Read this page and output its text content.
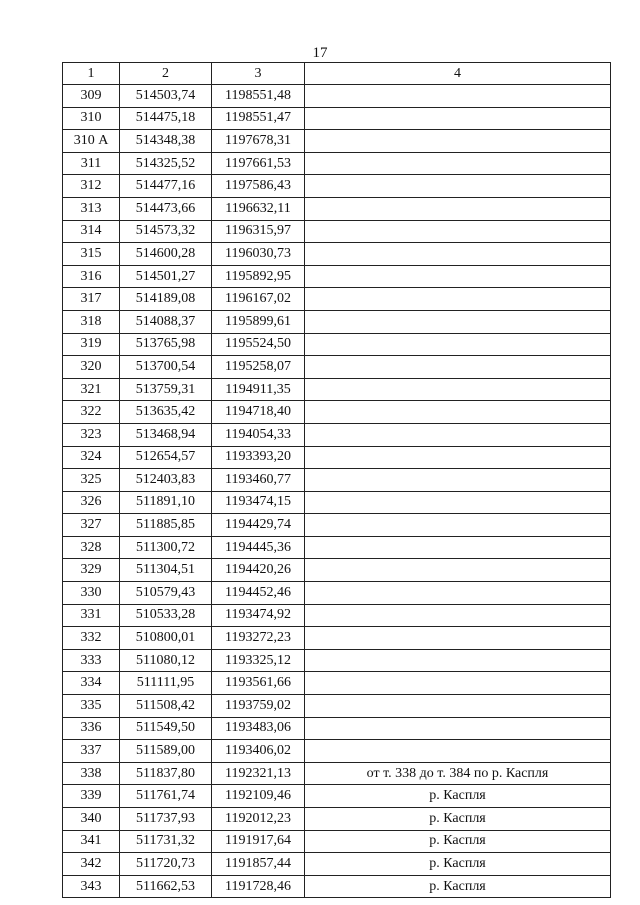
17
1	2	3	4
309	514503,74	1198551,48	
310	514475,18	1198551,47	
310 А	514348,38	1197678,31	
311	514325,52	1197661,53	
312	514477,16	1197586,43	
313	514473,66	1196632,11	
314	514573,32	1196315,97	
315	514600,28	1196030,73	
316	514501,27	1195892,95	
317	514189,08	1196167,02	
318	514088,37	1195899,61	
319	513765,98	1195524,50	
320	513700,54	1195258,07	
321	513759,31	1194911,35	
322	513635,42	1194718,40	
323	513468,94	1194054,33	
324	512654,57	1193393,20	
325	512403,83	1193460,77	
326	511891,10	1193474,15	
327	511885,85	1194429,74	
328	511300,72	1194445,36	
329	511304,51	1194420,26	
330	510579,43	1194452,46	
331	510533,28	1193474,92	
332	510800,01	1193272,23	
333	511080,12	1193325,12	
334	511111,95	1193561,66	
335	511508,42	1193759,02	
336	511549,50	1193483,06	
337	511589,00	1193406,02	
338	511837,80	1192321,13	от т. 338 до т. 384 по р. Каспля
339	511761,74	1192109,46	р. Каспля
340	511737,93	1192012,23	р. Каспля
341	511731,32	1191917,64	р. Каспля
342	511720,73	1191857,44	р. Каспля
343	511662,53	1191728,46	р. Каспля
